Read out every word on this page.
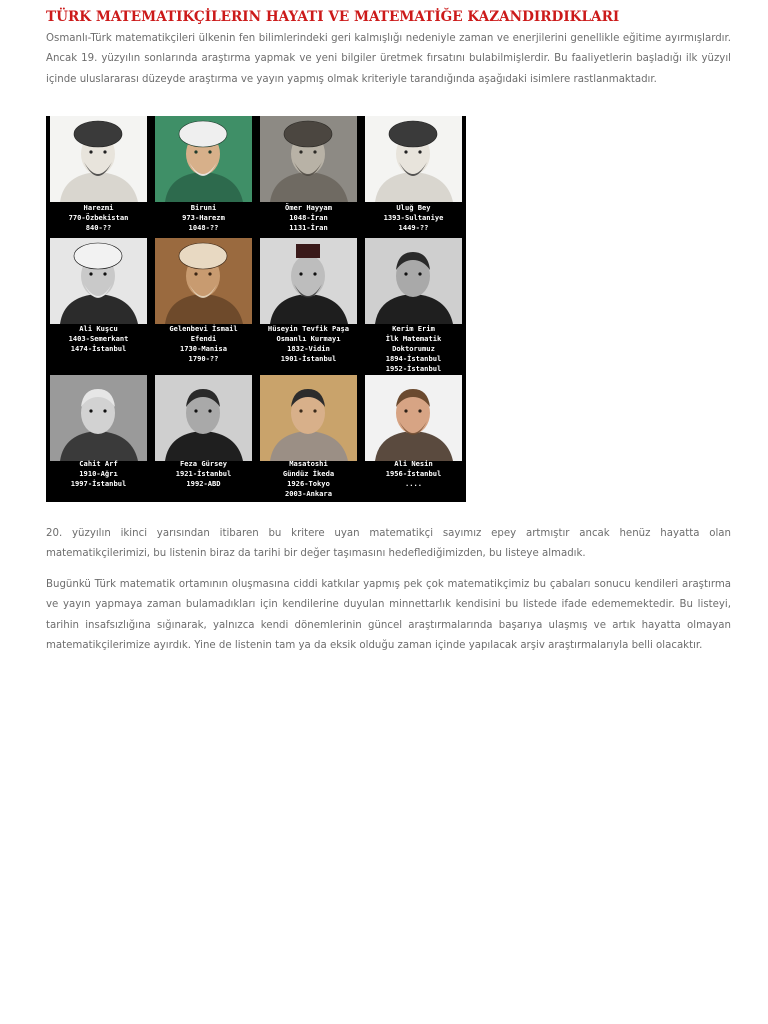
TÜRK MATEMATIKÇİLERIN HAYATI VE MATEMATİĞE KAZANDIRDIKLARI

Osmanlı-Türk matematikçileri ülkenin fen bilimlerindeki geri kalmışlığı nedeniyle zaman ve enerjilerini genellikle eğitime ayırmışlardır. Ancak 19. yüzyılın sonlarında araştırma yapmak ve yeni bilgiler üretmek fırsatını bulabilmişlerdir. Bu faaliyetlerin başladığı ilk yüzyıl içinde uluslararası düzeyde araştırma ve yayın yapmış olmak kriteriyle tarandığında aşağıdaki isimlere rastlanmaktadır.

Harezmi
770-Özbekistan
840-??
Biruni
973-Harezm
1048-??
Ömer Hayyam
1048-İran
1131-İran
Uluğ Bey
1393-Sultaniye
1449-??
Ali Kuşcu
1403-Semerkant
1474-İstanbul
Gelenbevi İsmail
Efendi
1730-Manisa
1790-??
Hüseyin Tevfik Paşa
Osmanlı Kurmayı
1832-Vidin
1901-İstanbul
Kerim Erim
İlk Matematik
Doktorumuz
1894-İstanbul
1952-İstanbul
Cahit Arf
1910-Ağrı
1997-İstanbul
Feza Gürsey
1921-İstanbul
1992-ABD
Masatoshi
Gündüz İkeda
1926-Tokyo
2003-Ankara
Ali Nesin
1956-İstanbul
....

20. yüzyılın ikinci yarısından itibaren bu kritere uyan matematikçi sayımız epey artmıştır ancak henüz hayatta olan matematikçilerimizi, bu listenin biraz da tarihi bir değer taşımasını hedeflediğimizden, bu listeye almadık.

Bugünkü Türk matematik ortamının oluşmasına ciddi katkılar yapmış pek çok matematikçimiz bu çabaları sonucu kendileri araştırma ve yayın yapmaya zaman bulamadıkları için kendilerine duyulan minnettarlık kendisini bu listede ifade edememektedir. Bu listeyi, tarihin insafsızlığına sığınarak, yalnızca kendi dönemlerinin güncel araştırmalarında başarıya ulaşmış ve artık hayatta olmayan matematikçilerimize ayırdık. Yine de listenin tam ya da eksik olduğu zaman içinde yapılacak arşiv araştırmalarıyla belli olacaktır.
